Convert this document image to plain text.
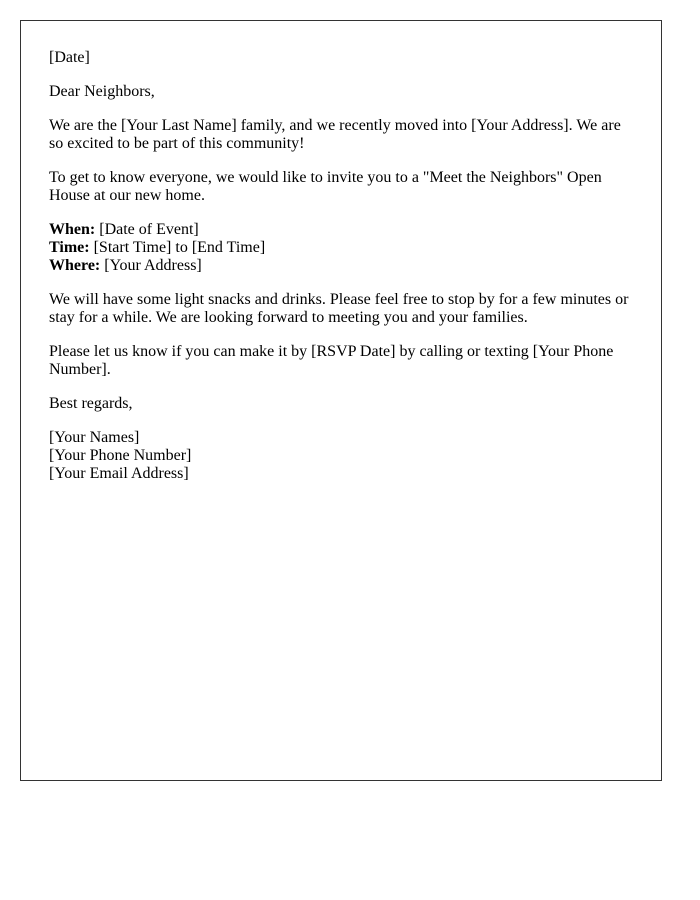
[Date]

Dear Neighbors,

We are the [Your Last Name] family, and we recently moved into [Your Address]. We are so excited to be part of this community!

To get to know everyone, we would like to invite you to a "Meet the Neighbors" Open House at our new home.

When: [Date of Event]
Time: [Start Time] to [End Time]
Where: [Your Address]

We will have some light snacks and drinks. Please feel free to stop by for a few minutes or stay for a while. We are looking forward to meeting you and your families.

Please let us know if you can make it by [RSVP Date] by calling or texting [Your Phone Number].

Best regards,

[Your Names]
[Your Phone Number]
[Your Email Address]
